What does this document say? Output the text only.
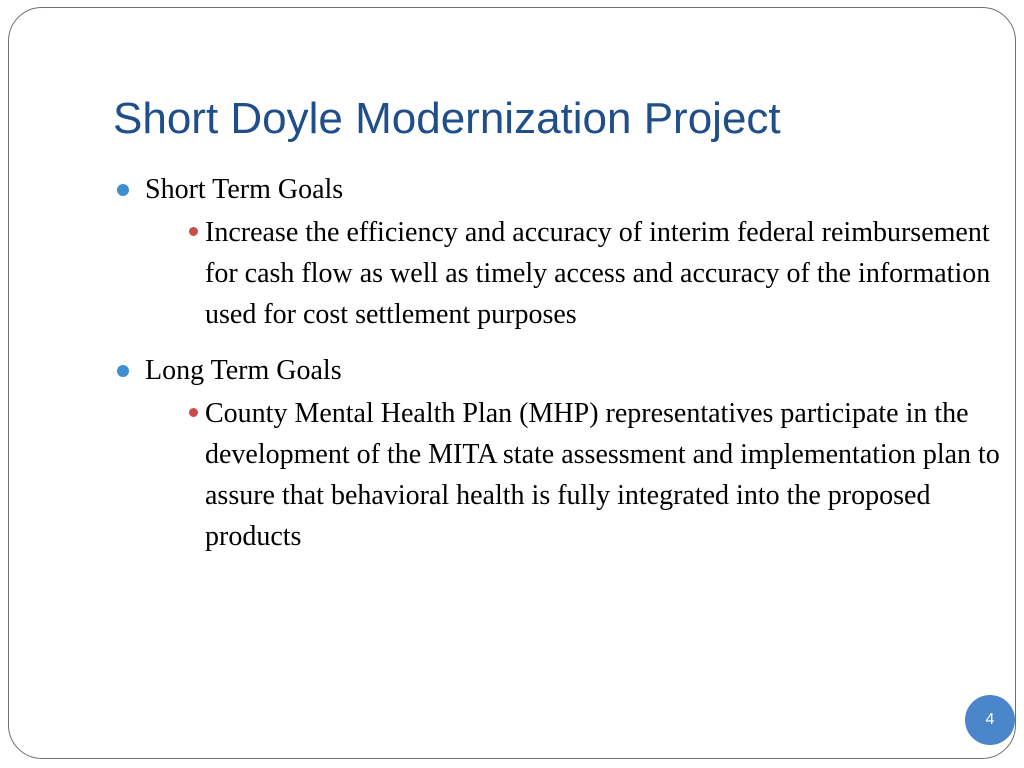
Short Doyle Modernization Project
Short Term Goals
Increase the efficiency and accuracy of interim federal reimbursement for cash flow as well as timely access and accuracy of the information used for cost settlement purposes
Long Term Goals
County Mental Health Plan (MHP) representatives participate in the development of the MITA state assessment and implementation plan to assure that behavioral health is fully integrated into the proposed products
4
